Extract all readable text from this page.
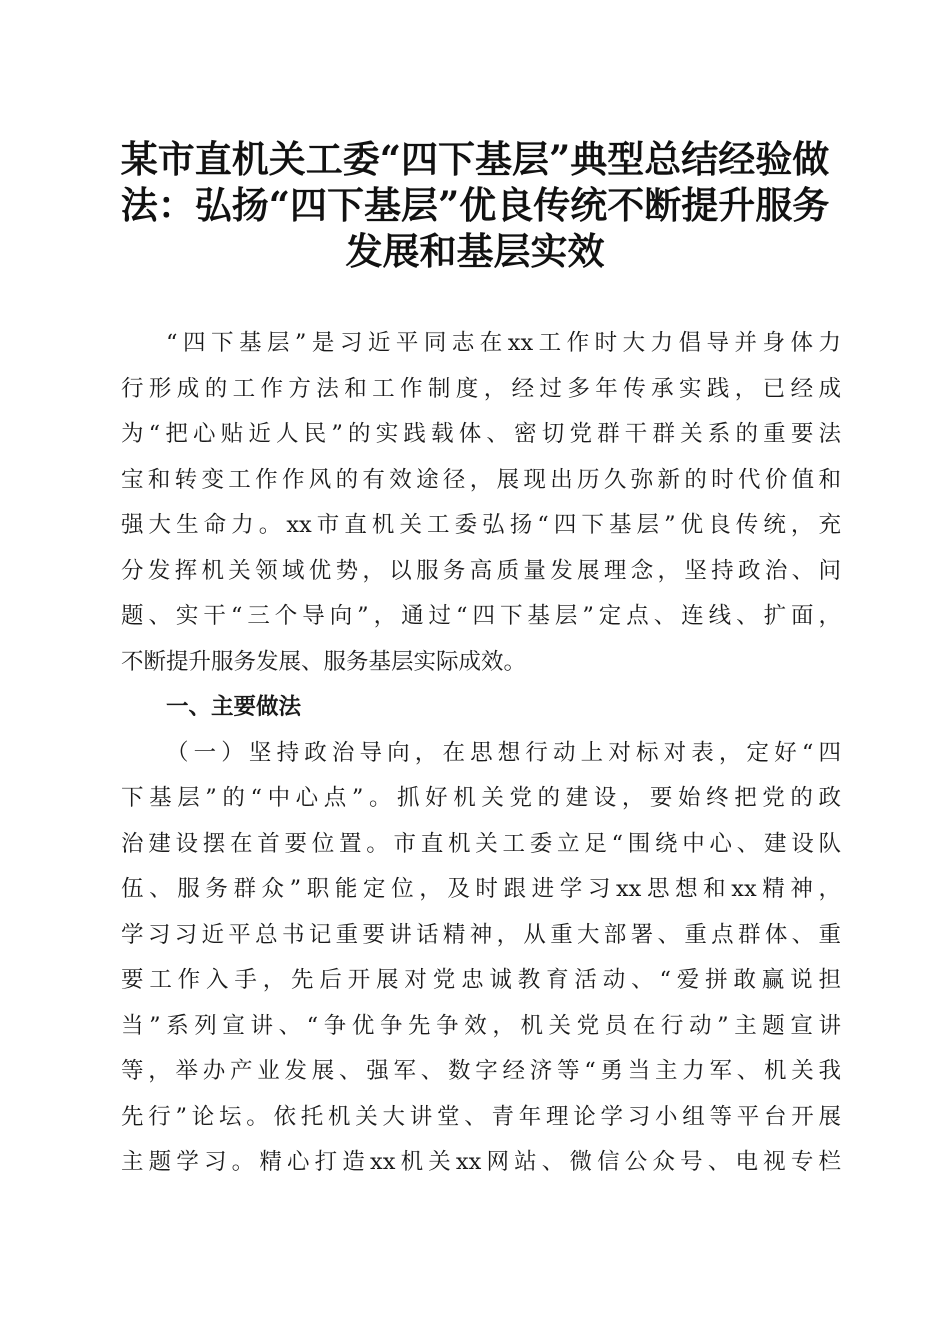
某市直机关工委“四下基层”典型总结经验做
法：弘扬“四下基层”优良传统不断提升服务
发展和基层实效

“四下基层”是习近平同志在xx工作时大力倡导并身体力
行形成的工作方法和工作制度，经过多年传承实践，已经成
为“把心贴近人民”的实践载体、密切党群干群关系的重要法
宝和转变工作作风的有效途径，展现出历久弥新的时代价值和
强大生命力。xx市直机关工委弘扬“四下基层”优良传统，充
分发挥机关领域优势，以服务高质量发展理念，坚持政治、问
题、实干“三个导向”，通过“四下基层”定点、连线、扩面，
不断提升服务发展、服务基层实际成效。

一、主要做法

（一）坚持政治导向，在思想行动上对标对表，定好“四
下基层”的“中心点”。抓好机关党的建设，要始终把党的政
治建设摆在首要位置。市直机关工委立足“围绕中心、建设队
伍、服务群众”职能定位，及时跟进学习xx思想和xx精神，
学习习近平总书记重要讲话精神，从重大部署、重点群体、重
要工作入手，先后开展对党忠诚教育活动、“爱拼敢赢说担
当”系列宣讲、“争优争先争效，机关党员在行动”主题宣讲
等，举办产业发展、强军、数字经济等“勇当主力军、机关我
先行”论坛。依托机关大讲堂、青年理论学习小组等平台开展
主题学习。精心打造xx机关xx网站、微信公众号、电视专栏
